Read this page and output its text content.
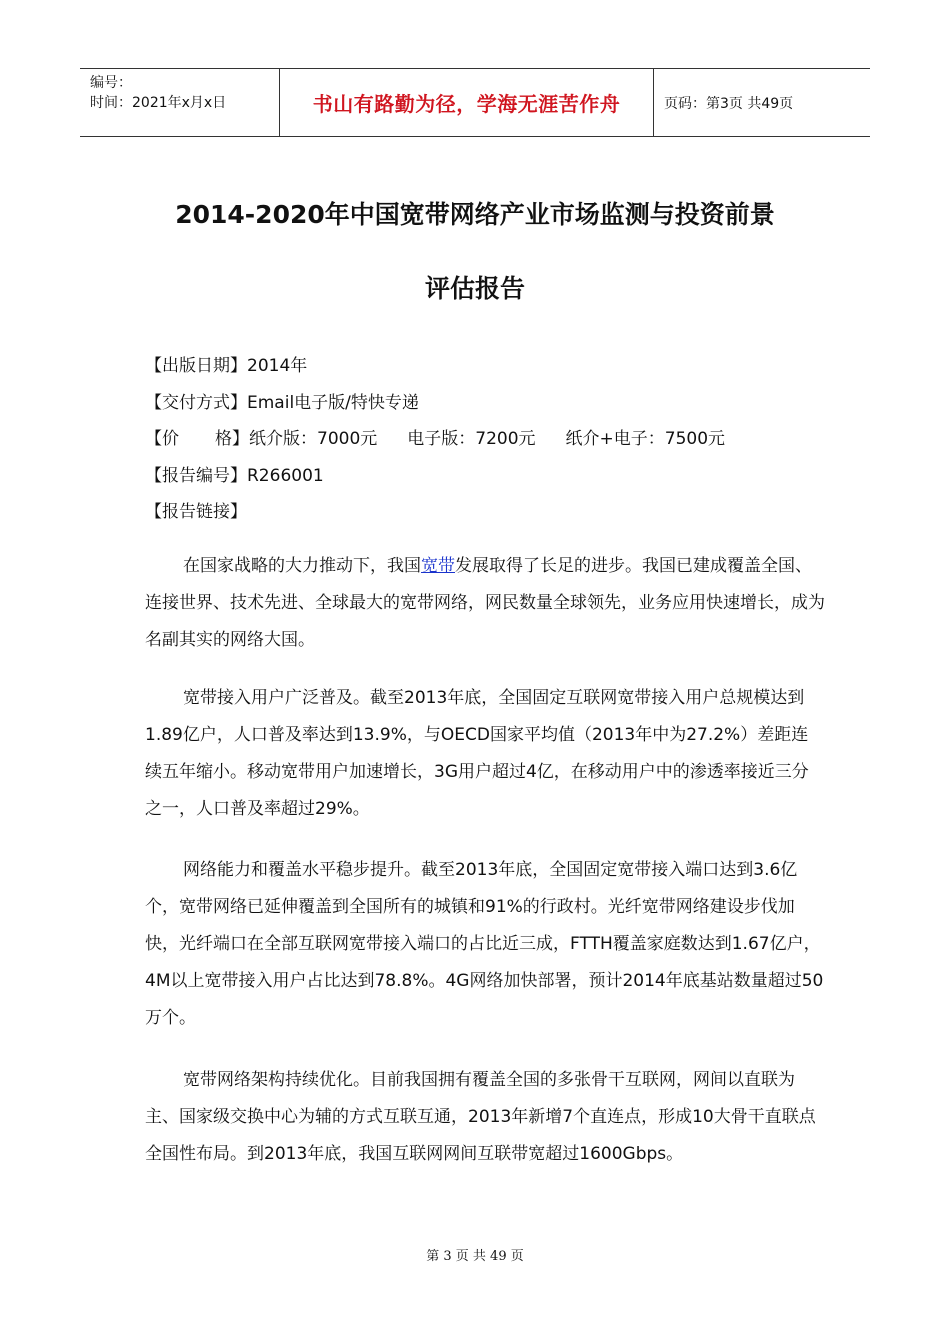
编号：
时间：2021年x月x日	书山有路勤为径，学海无涯苦作舟	页码：第3页 共49页
2014-2020年中国宽带网络产业市场监测与投资前景
评估报告
【出版日期】2014年
【交付方式】Email电子版/特快专递
【价 格】纸介版：7000元 电子版：7200元 纸介+电子：7500元
【报告编号】R266001
【报告链接】
在国家战略的大力推动下，我国宽带发展取得了长足的进步。我国已建成覆盖全国、连接世界、技术先进、全球最大的宽带网络，网民数量全球领先，业务应用快速增长，成为名副其实的网络大国。
宽带接入用户广泛普及。截至2013年底，全国固定互联网宽带接入用户总规模达到1.89亿户，人口普及率达到13.9%，与OECD国家平均值（2013年中为27.2%）差距连续五年缩小。移动宽带用户加速增长，3G用户超过4亿，在移动用户中的渗透率接近三分之一，人口普及率超过29%。
网络能力和覆盖水平稳步提升。截至2013年底，全国固定宽带接入端口达到3.6亿个，宽带网络已延伸覆盖到全国所有的城镇和91%的行政村。光纤宽带网络建设步伐加快，光纤端口在全部互联网宽带接入端口的占比近三成，FTTH覆盖家庭数达到1.67亿户，4M以上宽带接入用户占比达到78.8%。4G网络加快部署，预计2014年底基站数量超过50万个。
宽带网络架构持续优化。目前我国拥有覆盖全国的多张骨干互联网，网间以直联为主、国家级交换中心为辅的方式互联互通，2013年新增7个直连点，形成10大骨干直联点全国性布局。到2013年底，我国互联网网间互联带宽超过1600Gbps。
第 3 页 共 49 页
